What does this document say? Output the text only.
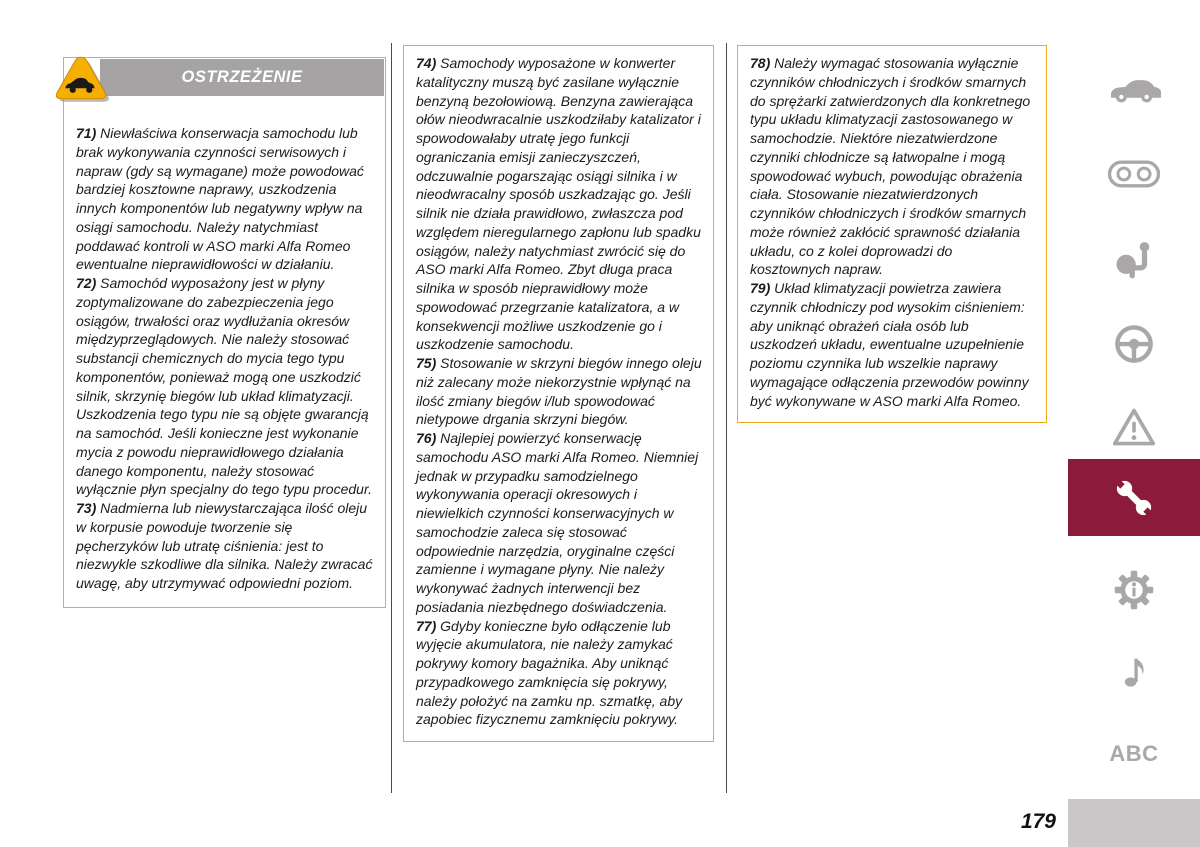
OSTRZEŻENIE

71) Niewłaściwa konserwacja samochodu lub brak wykonywania czynności serwisowych i napraw (gdy są wymagane) może powodować bardziej kosztowne naprawy, uszkodzenia innych komponentów lub negatywny wpływ na osiągi samochodu. Należy natychmiast poddawać kontroli w ASO marki Alfa Romeo ewentualne nieprawidłowości w działaniu.

72) Samochód wyposażony jest w płyny zoptymalizowane do zabezpieczenia jego osiągów, trwałości oraz wydłużania okresów międzyprzeglądowych. Nie należy stosować substancji chemicznych do mycia tego typu komponentów, ponieważ mogą one uszkodzić silnik, skrzynię biegów lub układ klimatyzacji. Uszkodzenia tego typu nie są objęte gwarancją na samochód. Jeśli konieczne jest wykonanie mycia z powodu nieprawidłowego działania danego komponentu, należy stosować wyłącznie płyn specjalny do tego typu procedur.

73) Nadmierna lub niewystarczająca ilość oleju w korpusie powoduje tworzenie się pęcherzyków lub utratę ciśnienia: jest to niezwykle szkodliwe dla silnika. Należy zwracać uwagę, aby utrzymywać odpowiedni poziom.

74) Samochody wyposażone w konwerter katalityczny muszą być zasilane wyłącznie benzyną bezołowiową. Benzyna zawierająca ołów nieodwracalnie uszkodziłaby katalizator i spowodowałaby utratę jego funkcji ograniczania emisji zanieczyszczeń, odczuwalnie pogarszając osiągi silnika i w nieodwracalny sposób uszkadzając go. Jeśli silnik nie działa prawidłowo, zwłaszcza pod względem nieregularnego zapłonu lub spadku osiągów, należy natychmiast zwrócić się do ASO marki Alfa Romeo. Zbyt długa praca silnika w sposób nieprawidłowy może spowodować przegrzanie katalizatora, a w konsekwencji możliwe uszkodzenie go i uszkodzenie samochodu.

75) Stosowanie w skrzyni biegów innego oleju niż zalecany może niekorzystnie wpłynąć na ilość zmiany biegów i/lub spowodować nietypowe drgania skrzyni biegów.

76) Najlepiej powierzyć konserwację samochodu ASO marki Alfa Romeo. Niemniej jednak w przypadku samodzielnego wykonywania operacji okresowych i niewielkich czynności konserwacyjnych w samochodzie zaleca się stosować odpowiednie narzędzia, oryginalne części zamienne i wymagane płyny. Nie należy wykonywać żadnych interwencji bez posiadania niezbędnego doświadczenia.

77) Gdyby konieczne było odłączenie lub wyjęcie akumulatora, nie należy zamykać pokrywy komory bagażnika. Aby uniknąć przypadkowego zamknięcia się pokrywy, należy położyć na zamku np. szmatkę, aby zapobiec fizycznemu zamknięciu pokrywy.

78) Należy wymagać stosowania wyłącznie czynników chłodniczych i środków smarnych do sprężarki zatwierdzonych dla konkretnego typu układu klimatyzacji zastosowanego w samochodzie. Niektóre niezatwierdzone czynniki chłodnicze są łatwopalne i mogą spowodować wybuch, powodując obrażenia ciała. Stosowanie niezatwierdzonych czynników chłodniczych i środków smarnych może również zakłócić sprawność działania układu, co z kolei doprowadzi do kosztownych napraw.

79) Układ klimatyzacji powietrza zawiera czynnik chłodniczy pod wysokim ciśnieniem: aby uniknąć obrażeń ciała osób lub uszkodzeń układu, ewentualne uzupełnienie poziomu czynnika lub wszelkie naprawy wymagające odłączenia przewodów powinny być wykonywane w ASO marki Alfa Romeo.

ABC
179
